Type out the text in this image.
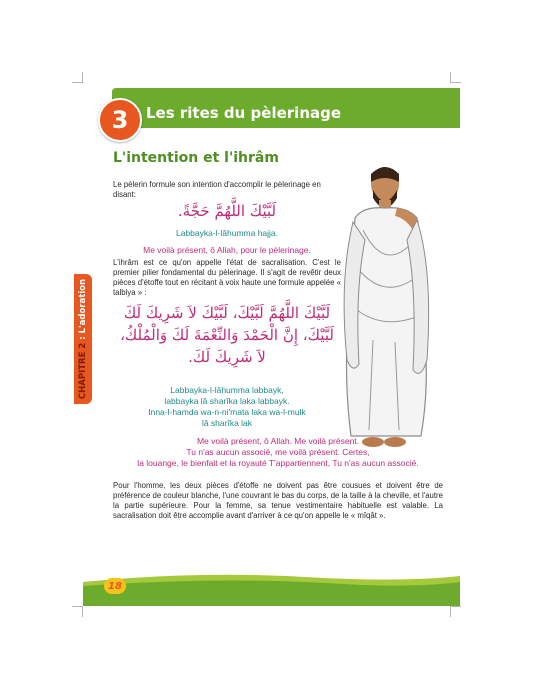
3	Les rites du pèlerinage
CHAPITRE 2 : L'adoration
L'intention et l'ihrâm
Le pèlerin formule son intention d'accomplir le pèlerinage en disant:
لَبَّيْكَ اللَّهُمَّ حَجَّةً.
Labbayka-l-lâhumma hajja.
Me voilà présent, ô Allah, pour le pèlerinage.
L'ihrâm est ce qu'on appelle l'état de sacralisation. C'est le premier pilier fondamental du pèlerinage. Il s'agit de revêtir deux pièces d'étoffe tout en récitant à voix haute une formule appelée « talbiya » :
لَبَّيْكَ اللَّهُمَّ لَبَّيْكَ، لَبَّيْكَ لاَ شَرِيكَ لَكَ
لَبَّيْكَ، إِنَّ الْحَمْدَ وَالنِّعْمَةَ لَكَ وَالْمُلْكُ،
لاَ شَرِيكَ لَكَ.
Labbayka-l-lâhumma labbayk,
labbayka lâ sharîka laka labbayk.
Inna-l-hamda wa-n-ni'mata laka wa-l-mulk
lâ sharîka lak
Me voilà présent, ô Allah. Me voilà présent.
Tu n'as aucun associé, me voilà présent. Certes,
la louange, le bienfait et la royauté T'appartiennent, Tu n'as aucun associé.
Pour l'homme, les deux pièces d'étoffe ne doivent pas être cousues et doivent être de préférence de couleur blanche, l'une couvrant le bas du corps, de la taille à la cheville, et l'autre la partie supérieure. Pour la femme, sa tenue vestimentaire habituelle est valable. La sacralisation doit être accomplie avant d'arriver à ce qu'on appelle le « mîqât ».
18
